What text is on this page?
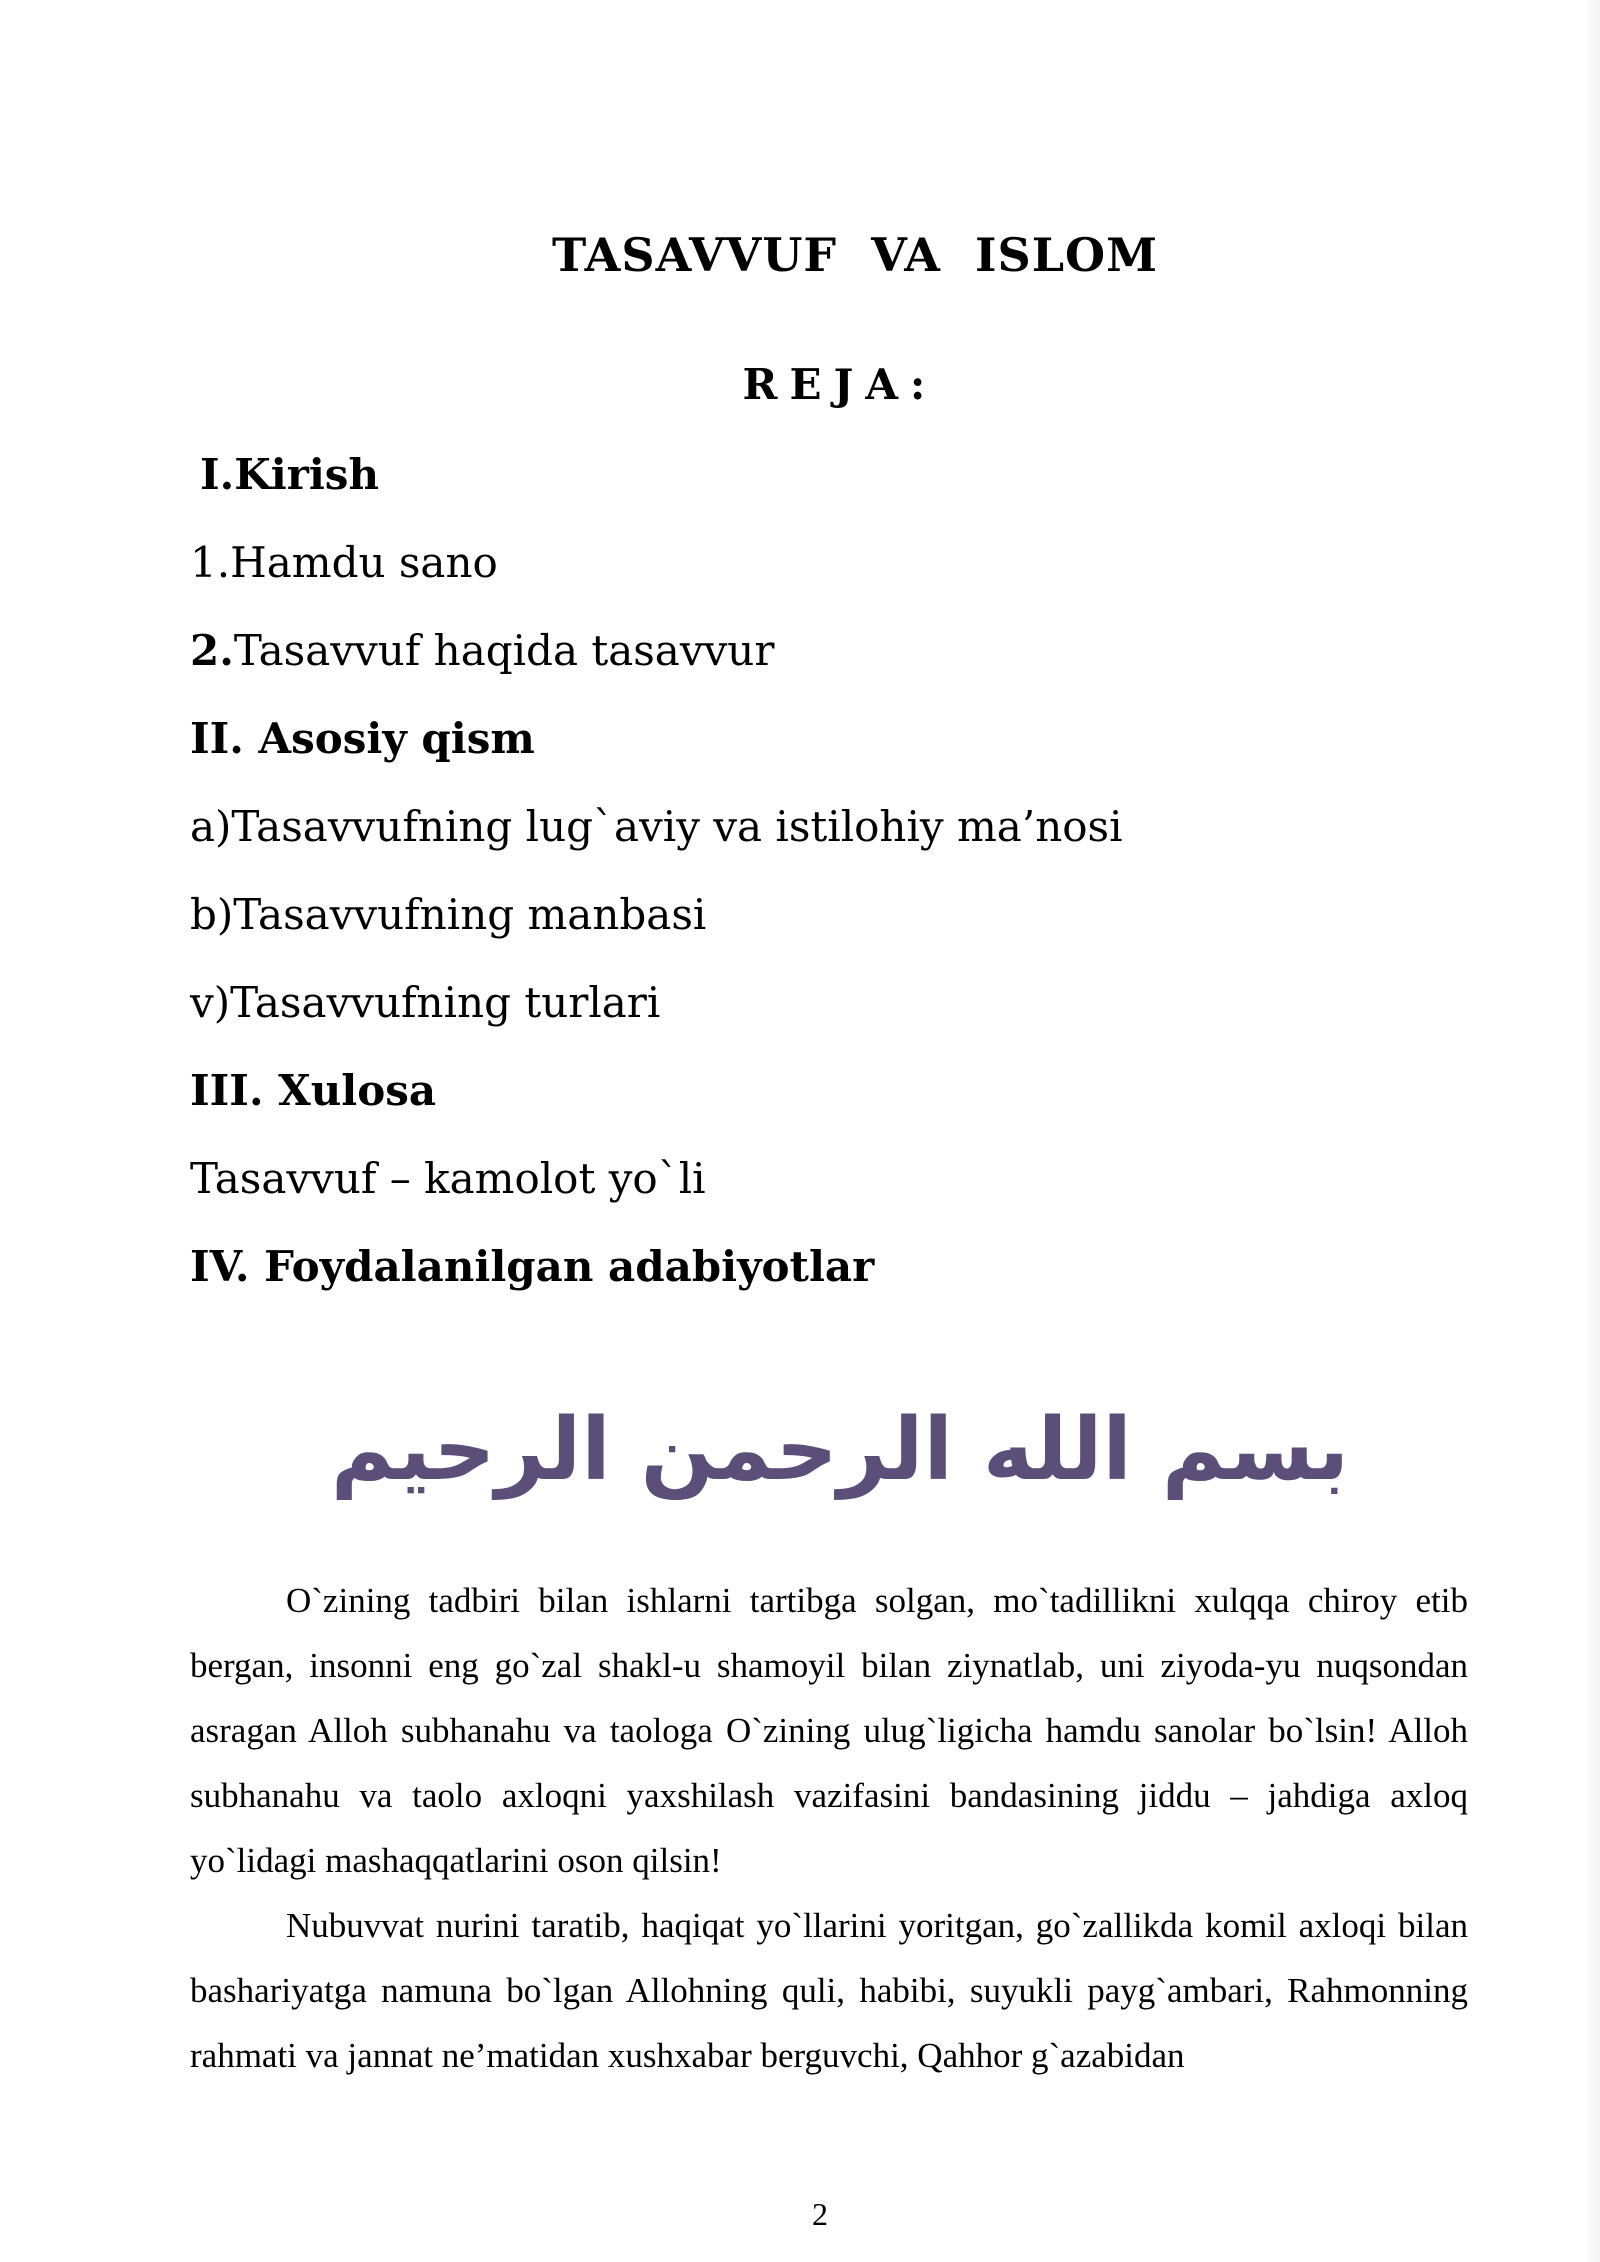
TASAVVUF  VA  ISLOM
REJA:
I.Kirish
1.Hamdu sano
2.Tasavvuf haqida tasavvur
II. Asosiy qism
a)Tasavvufning lug`aviy va istilohiy ma’nosi
b)Tasavvufning manbasi
v)Tasavvufning turlari
III. Xulosa
Tasavvuf – kamolot yo`li
IV. Foydalanilgan adabiyotlar
بسم الله الرحمن الرحيم

O`zining tadbiri bilan ishlarni tartibga solgan, mo`tadillikni xulqqa chiroy etib bergan, insonni eng go`zal shakl-u shamoyil bilan ziynatlab, uni ziyoda-yu nuqsondan asragan Alloh subhanahu va taologa O`zining ulug`ligicha hamdu sanolar bo`lsin! Alloh subhanahu va taolo axloqni yaxshilash vazifasini bandasining jiddu – jahdiga axloq yo`lidagi mashaqqatlarini oson qilsin!

Nubuvvat nurini taratib, haqiqat yo`llarini yoritgan, go`zallikda komil axloqi bilan bashariyatga namuna bo`lgan Allohning quli, habibi, suyukli payg`ambari, Rahmonning rahmati va jannat ne’matidan xushxabar berguvchi, Qahhor g`azabidan

2
